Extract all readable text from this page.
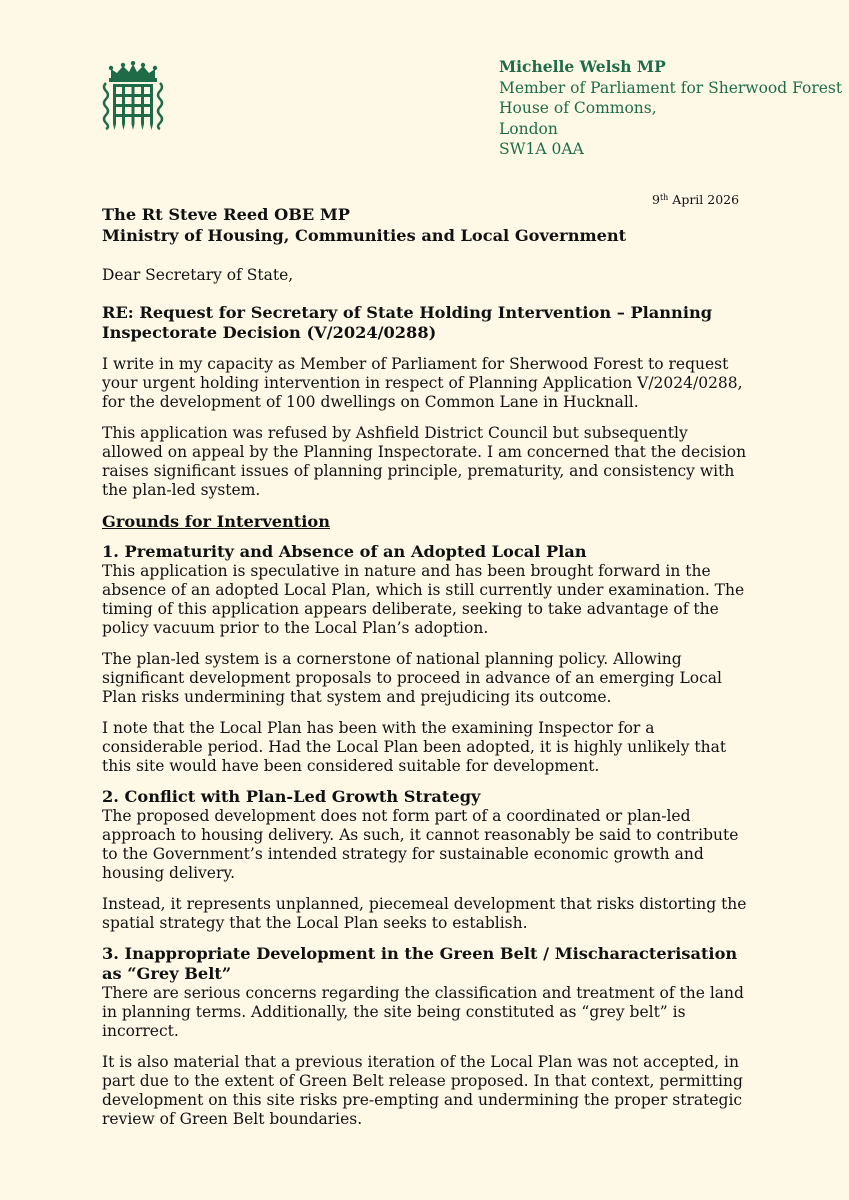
Michelle Welsh MP
Member of Parliament for Sherwood Forest
House of Commons,
London
SW1A 0AA
9th April 2026

The Rt Steve Reed OBE MP

Ministry of Housing, Communities and Local Government

Dear Secretary of State,

RE: Request for Secretary of State Holding Intervention – Planning Inspectorate Decision (V/2024/0288)

I write in my capacity as Member of Parliament for Sherwood Forest to request your urgent holding intervention in respect of Planning Application V/2024/0288, for the development of 100 dwellings on Common Lane in Hucknall.

This application was refused by Ashfield District Council but subsequently allowed on appeal by the Planning Inspectorate. I am concerned that the decision raises significant issues of planning principle, prematurity, and consistency with the plan-led system.

Grounds for Intervention

1. Prematurity and Absence of an Adopted Local Plan

This application is speculative in nature and has been brought forward in the absence of an adopted Local Plan, which is still currently under examination. The timing of this application appears deliberate, seeking to take advantage of the policy vacuum prior to the Local Plan’s adoption.

The plan-led system is a cornerstone of national planning policy. Allowing significant development proposals to proceed in advance of an emerging Local Plan risks undermining that system and prejudicing its outcome.

I note that the Local Plan has been with the examining Inspector for a considerable period. Had the Local Plan been adopted, it is highly unlikely that this site would have been considered suitable for development.

2. Conflict with Plan-Led Growth Strategy

The proposed development does not form part of a coordinated or plan-led approach to housing delivery. As such, it cannot reasonably be said to contribute to the Government’s intended strategy for sustainable economic growth and housing delivery.

Instead, it represents unplanned, piecemeal development that risks distorting the spatial strategy that the Local Plan seeks to establish.

3. Inappropriate Development in the Green Belt / Mischaracterisation as “Grey Belt”

There are serious concerns regarding the classification and treatment of the land in planning terms. Additionally, the site being constituted as “grey belt” is incorrect.

It is also material that a previous iteration of the Local Plan was not accepted, in part due to the extent of Green Belt release proposed. In that context, permitting development on this site risks pre-empting and undermining the proper strategic review of Green Belt boundaries.
